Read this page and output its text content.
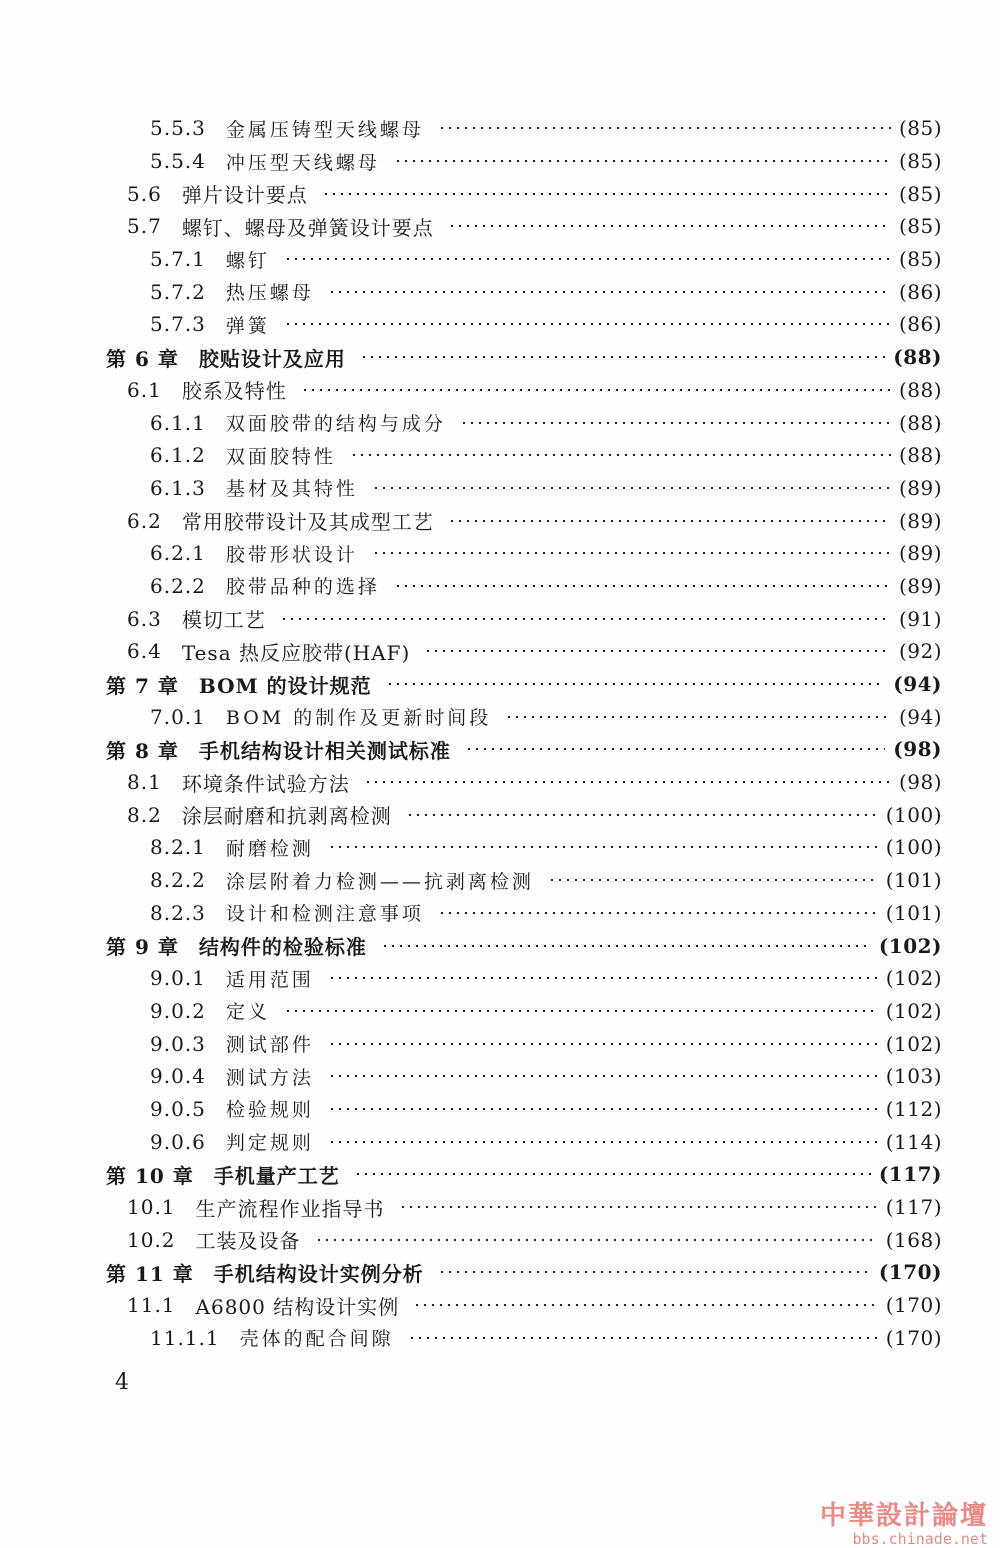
5.5.3 金属压铸型天线螺母	(85)
5.5.4 冲压型天线螺母	(85)
5.6 弹片设计要点	(85)
5.7 螺钉、螺母及弹簧设计要点	(85)
5.7.1 螺钉	(85)
5.7.2 热压螺母	(86)
5.7.3 弹簧	(86)
第 6 章 胶贴设计及应用	(88)
6.1 胶系及特性	(88)
6.1.1 双面胶带的结构与成分	(88)
6.1.2 双面胶特性	(88)
6.1.3 基材及其特性	(89)
6.2 常用胶带设计及其成型工艺	(89)
6.2.1 胶带形状设计	(89)
6.2.2 胶带品种的选择	(89)
6.3 模切工艺	(91)
6.4 Tesa 热反应胶带(HAF)	(92)
第 7 章 BOM 的设计规范	(94)
7.0.1 BOM 的制作及更新时间段	(94)
第 8 章 手机结构设计相关测试标准	(98)
8.1 环境条件试验方法	(98)
8.2 涂层耐磨和抗剥离检测	(100)
8.2.1 耐磨检测	(100)
8.2.2 涂层附着力检测——抗剥离检测	(101)
8.2.3 设计和检测注意事项	(101)
第 9 章 结构件的检验标准	(102)
9.0.1 适用范围	(102)
9.0.2 定义	(102)
9.0.3 测试部件	(102)
9.0.4 测试方法	(103)
9.0.5 检验规则	(112)
9.0.6 判定规则	(114)
第 10 章 手机量产工艺	(117)
10.1 生产流程作业指导书	(117)
10.2 工装及设备	(168)
第 11 章 手机结构设计实例分析	(170)
11.1 A6800 结构设计实例	(170)
11.1.1 壳体的配合间隙	(170)
4
中華設計論壇
bbs.chinade.net
